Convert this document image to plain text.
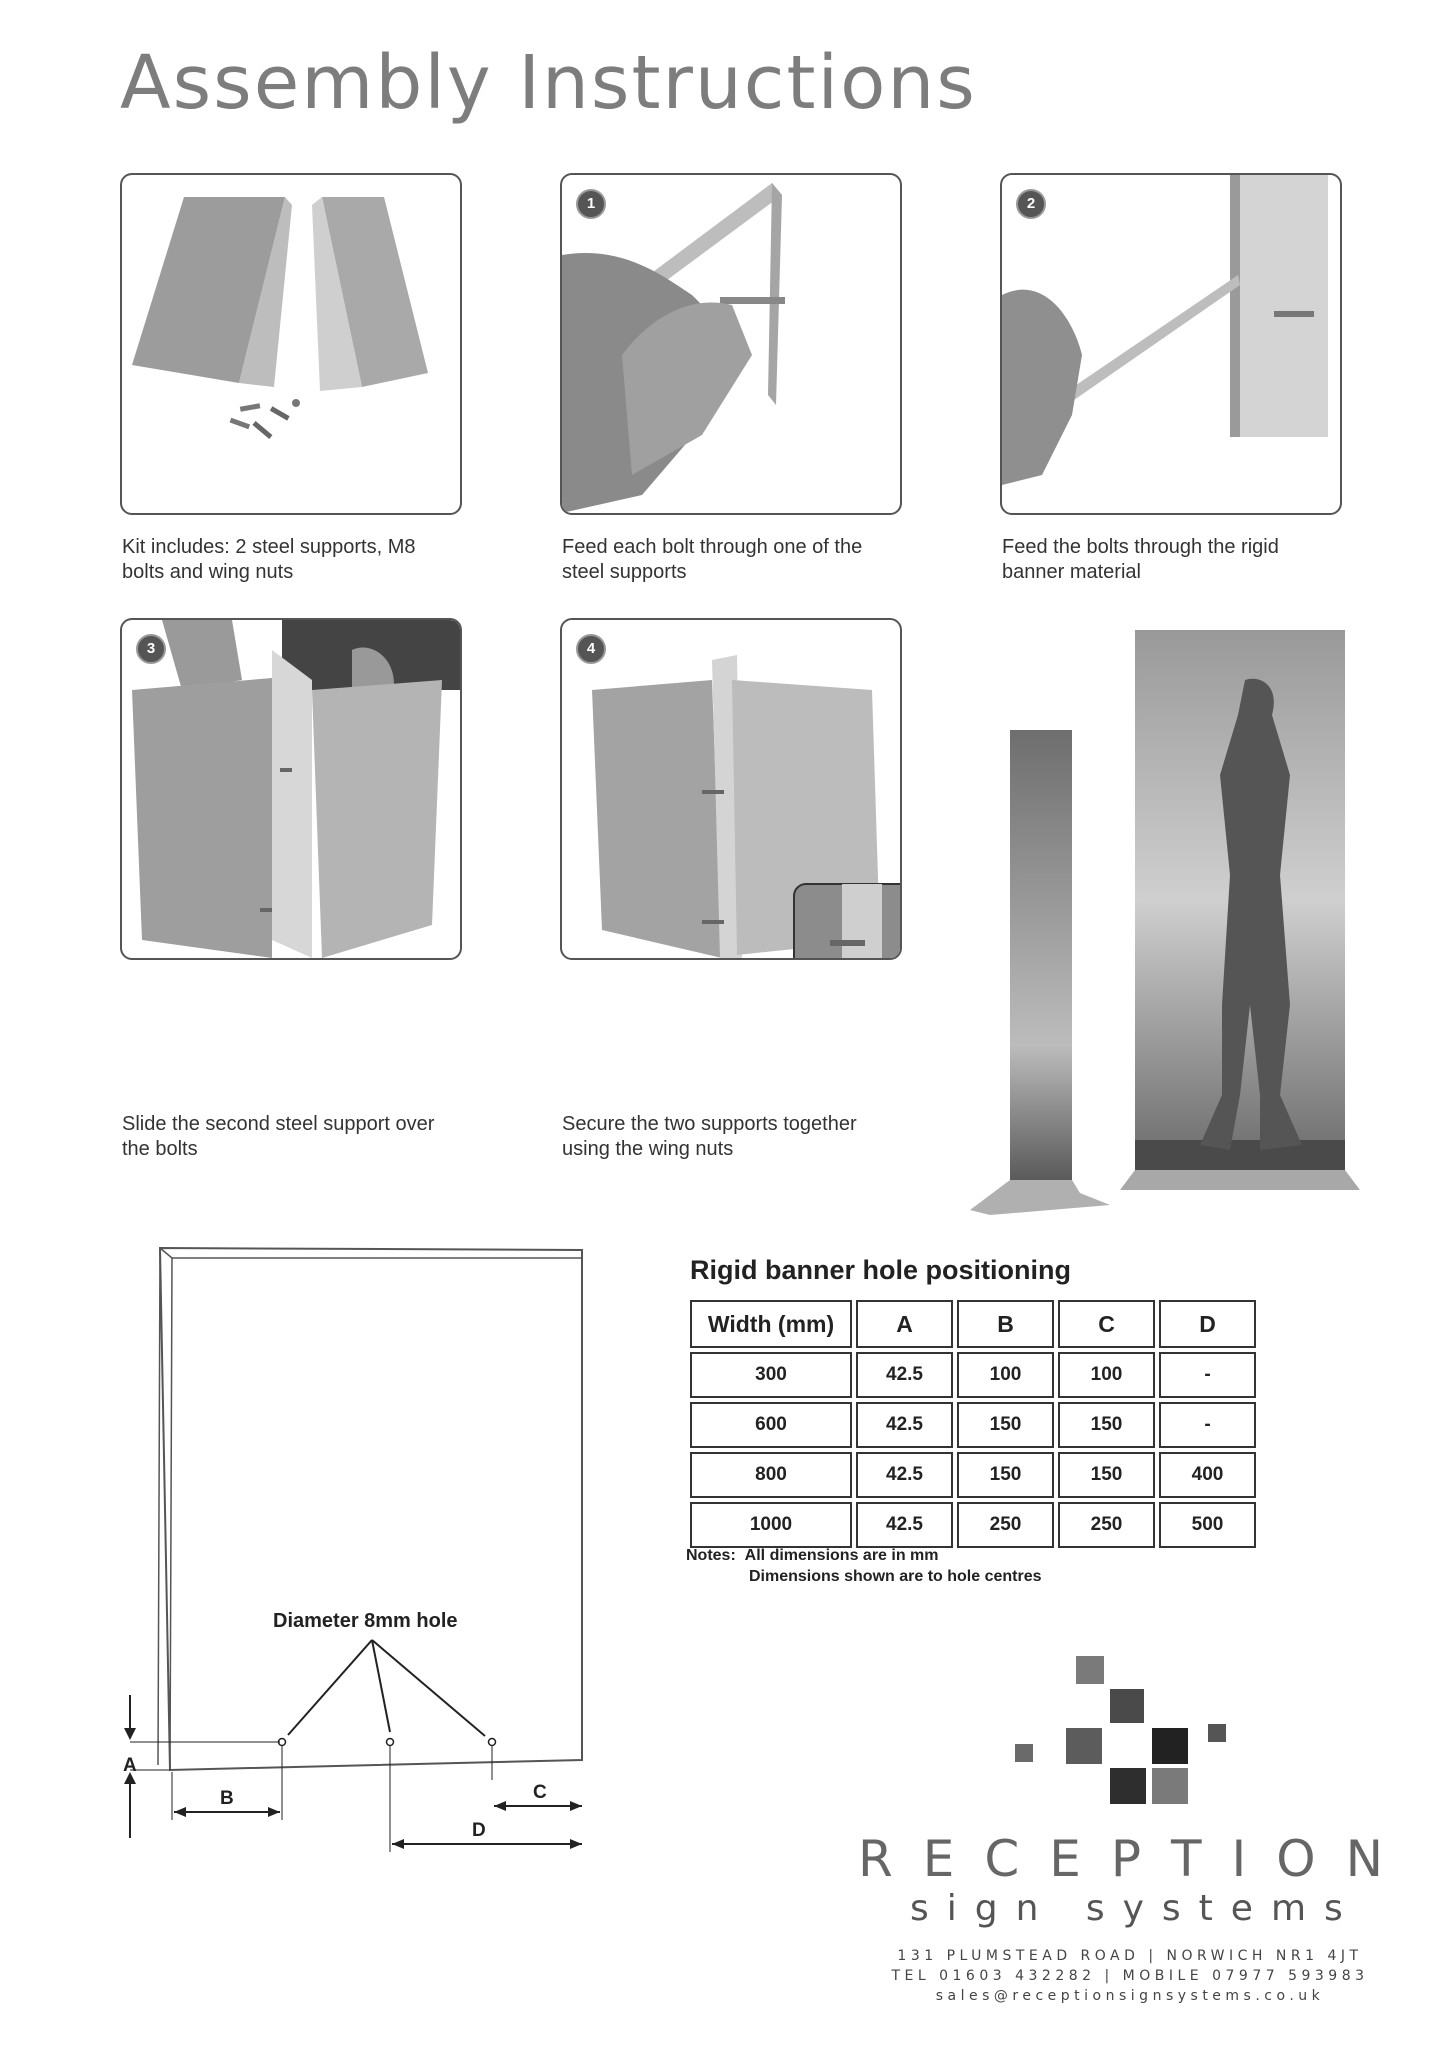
Assembly Instructions
Kit includes: 2 steel supports, M8
bolts and wing nuts
1
Feed each bolt through one of the
steel supports
2
Feed the bolts through the rigid
banner material
3
Slide the second steel support over
the bolts
4
Secure the two supports together
using the wing nuts
Diameter 8mm hole
A
B	C
D
Rigid banner hole positioning
Width (mm)	A	B	C	D
300	42.5	100	100	-
600	42.5	150	150	-
800	42.5	150	150	400
1000	42.5	250	250	500
Notes: All dimensions are in mm
Dimensions shown are to hole centres
RECEPTION
sign systems
131 PLUMSTEAD ROAD | NORWICH NR1 4JT
TEL 01603 432282 | MOBILE 07977 593983
sales@receptionsignsystems.co.uk
